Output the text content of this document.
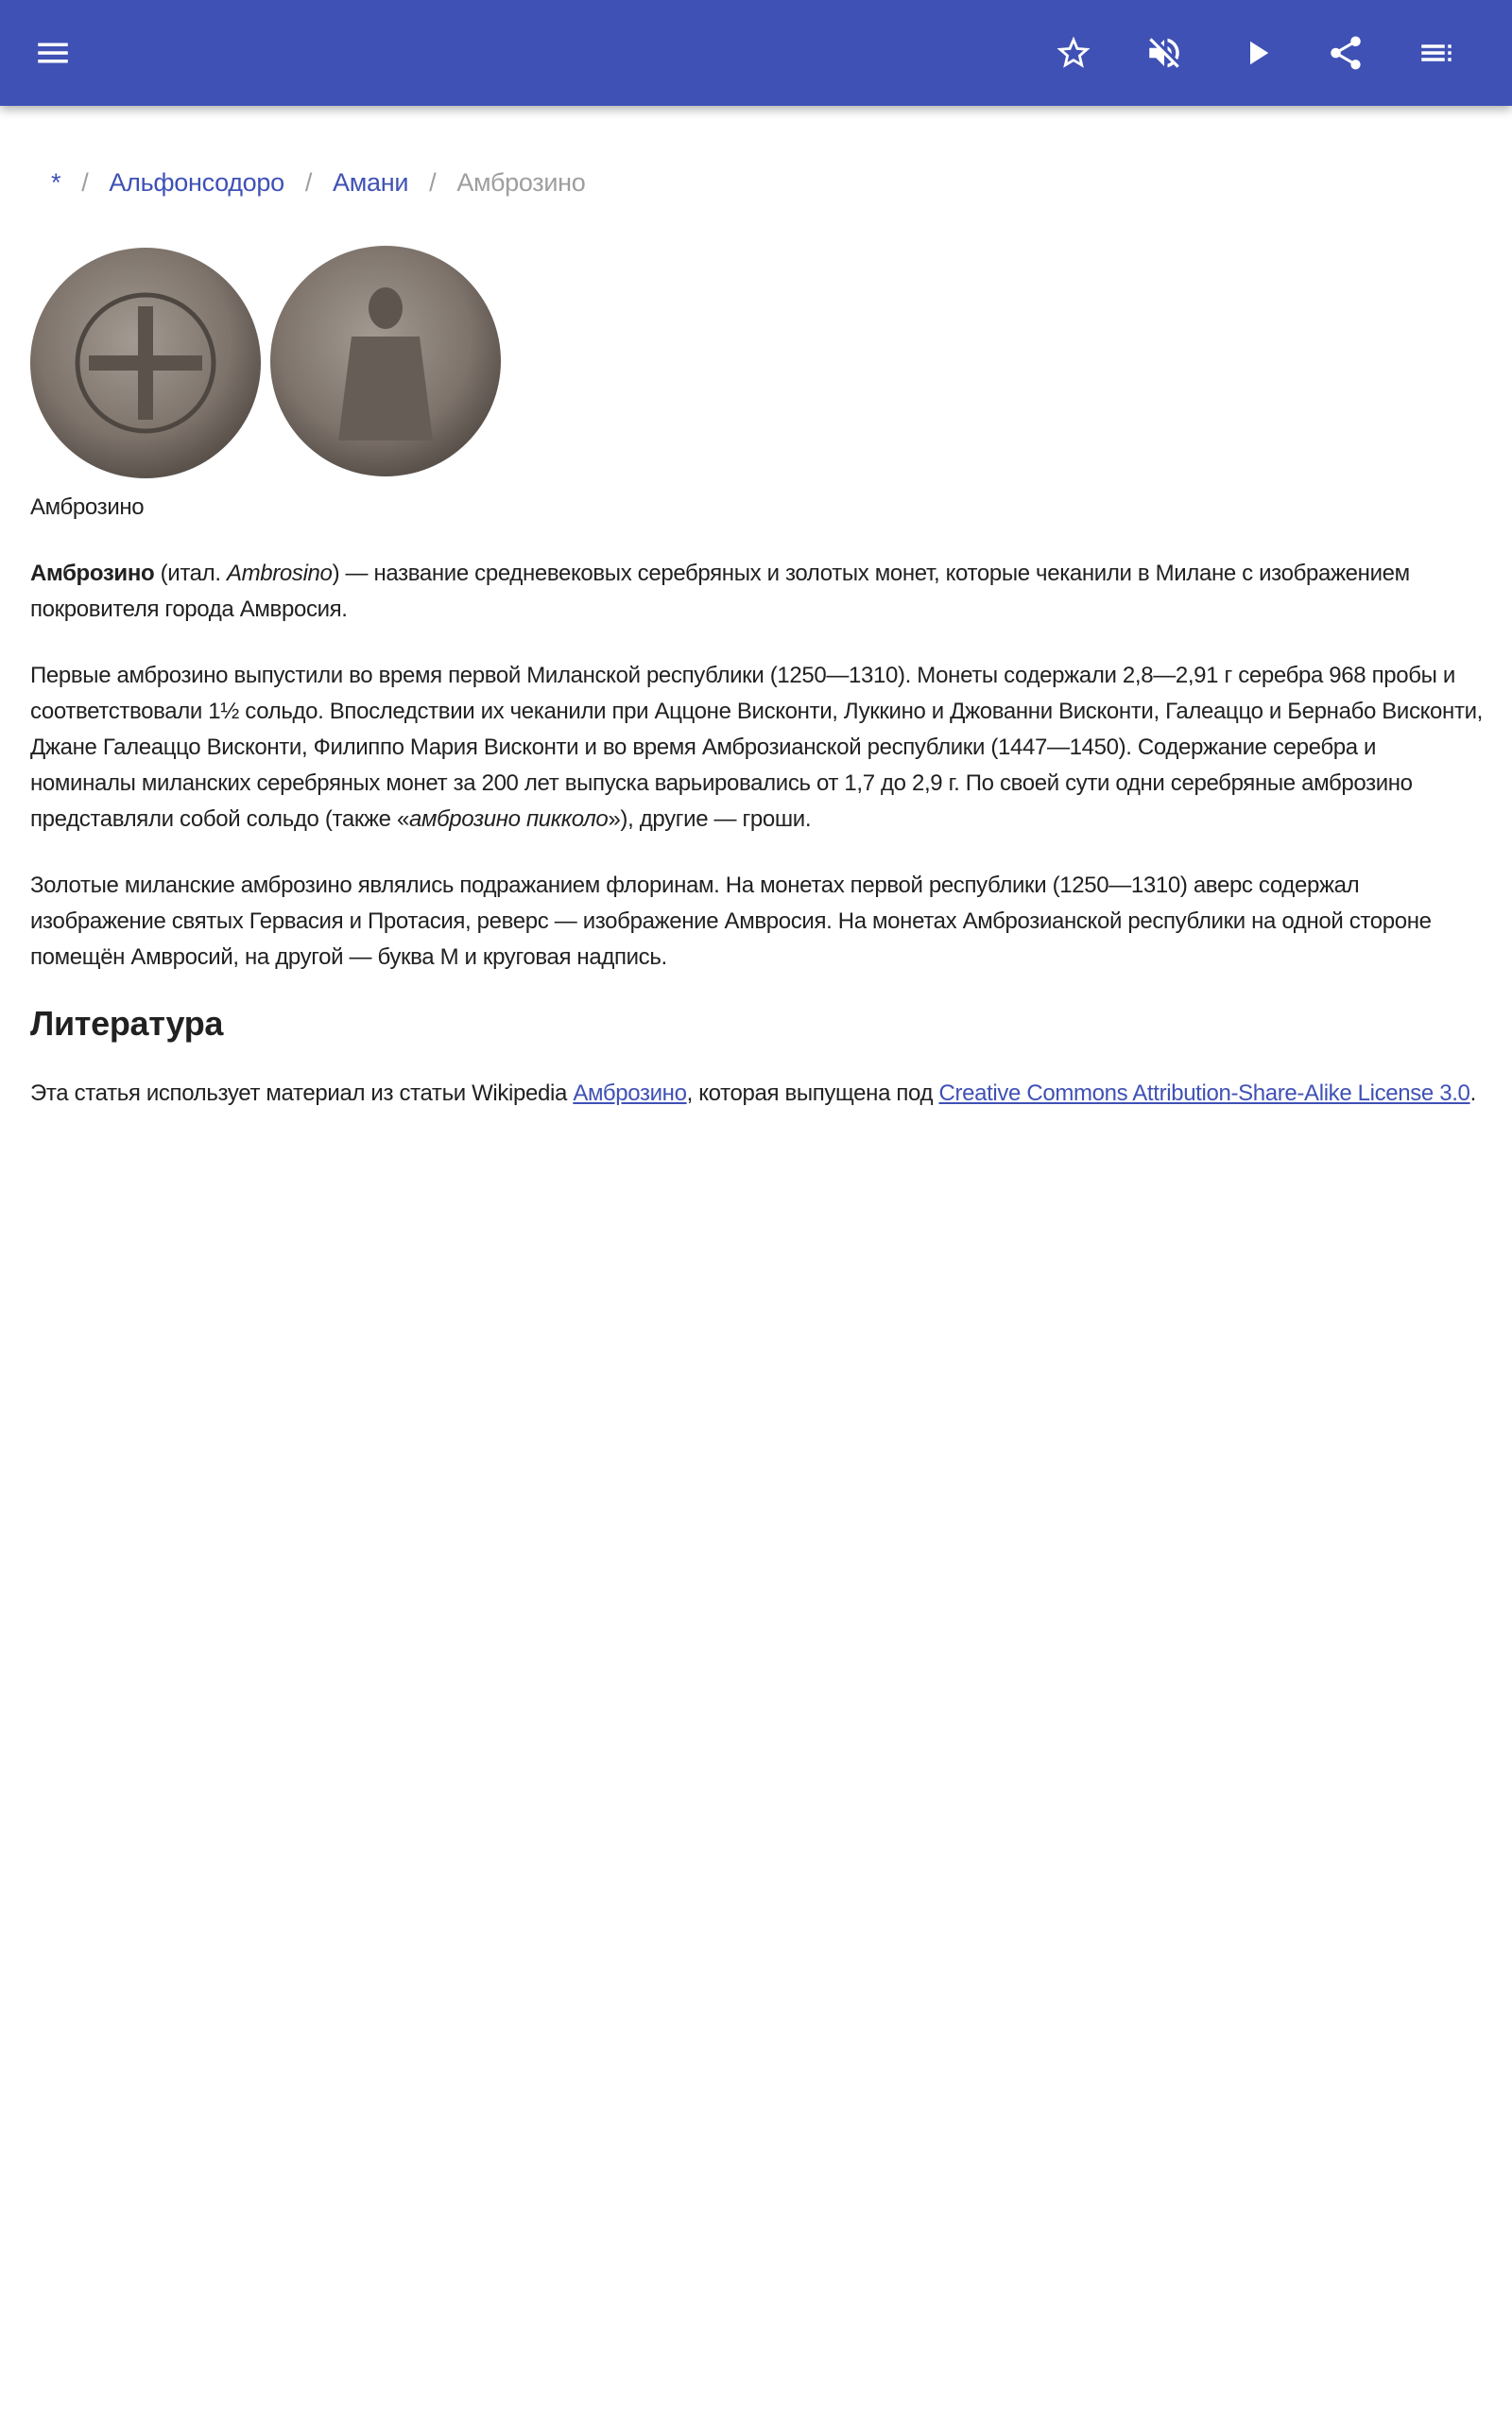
* / Альфонсодоро / Амани / Амброзино

Амброзино

Амброзино (итал. Ambrosino) — название средневековых серебряных и золотых монет, которые чеканили в Милане с изображением покровителя города Амвросия.

Первые амброзино выпустили во время первой Миланской республики (1250—1310). Монеты содержали 2,8—2,91 г серебра 968 пробы и соответствовали 1½ сольдо. Впоследствии их чеканили при Аццоне Висконти, Луккино и Джованни Висконти, Галеаццо и Бернабо Висконти, Джане Галеаццо Висконти, Филиппо Мария Висконти и во время Амброзианской республики (1447—1450). Содержание серебра и номиналы миланских серебряных монет за 200 лет выпуска варьировались от 1,7 до 2,9 г. По своей сути одни серебряные амброзино представляли собой сольдо (также «амброзино пикколо»), другие — гроши.

Золотые миланские амброзино являлись подражанием флоринам. На монетах первой республики (1250—1310) аверс содержал изображение святых Гервасия и Протасия, реверс — изображение Амвросия. На монетах Амброзианской республики на одной стороне помещён Амвросий, на другой — буква М и круговая надпись.

Литература

Эта статья использует материал из статьи Wikipedia Амброзино, которая выпущена под Creative Commons Attribution-Share-Alike License 3.0.
